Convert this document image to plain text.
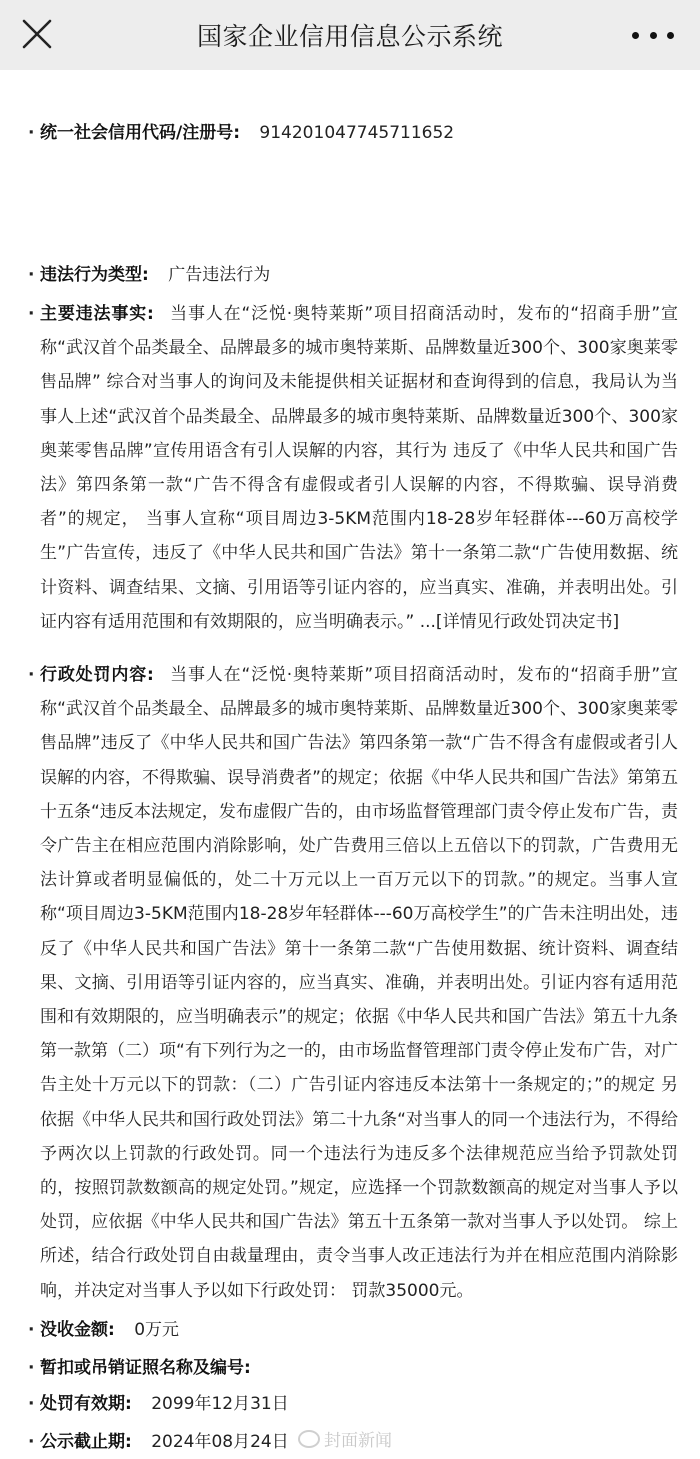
国家企业信用信息公示系统
· 统一社会信用代码/注册号: 914201047745711652
· 违法行为类型: 广告违法行为
· 主要违法事实: 当事人在“泛悦·奥特莱斯”项目招商活动时，发布的“招商手册”宣称“武汉首个品类最全、品牌最多的城市奥特莱斯、品牌数量近300个、300家奥莱零售品牌” 综合对当事人的询问及未能提供相关证据材和查询得到的信息，我局认为当事人上述“武汉首个品类最全、品牌最多的城市奥特莱斯、品牌数量近300个、300家奥莱零售品牌”宣传用语含有引人误解的内容，其行为 违反了《中华人民共和国广告法》第四条第一款“广告不得含有虚假或者引人误解的内容，不得欺骗、误导消费者”的规定， 当事人宣称“项目周边3-5KM范围内18-28岁年轻群体---60万高校学生”广告宣传，违反了《中华人民共和国广告法》第十一条第二款“广告使用数据、统计资料、调查结果、文摘、引用语等引证内容的，应当真实、准确，并表明出处。引证内容有适用范围和有效期限的，应当明确表示。” ...[详情见行政处罚决定书]
· 行政处罚内容: 当事人在“泛悦·奥特莱斯”项目招商活动时，发布的“招商手册”宣称“武汉首个品类最全、品牌最多的城市奥特莱斯、品牌数量近300个、300家奥莱零售品牌”违反了《中华人民共和国广告法》第四条第一款“广告不得含有虚假或者引人误解的内容，不得欺骗、误导消费者”的规定；依据《中华人民共和国广告法》第第五十五条“违反本法规定，发布虚假广告的，由市场监督管理部门责令停止发布广告，责令广告主在相应范围内消除影响，处广告费用三倍以上五倍以下的罚款，广告费用无法计算或者明显偏低的，处二十万元以上一百万元以下的罚款。”的规定。当事人宣称“项目周边3-5KM范围内18-28岁年轻群体---60万高校学生”的广告未注明出处，违反了《中华人民共和国广告法》第十一条第二款“广告使用数据、统计资料、调查结果、文摘、引用语等引证内容的，应当真实、准确，并表明出处。引证内容有适用范围和有效期限的，应当明确表示”的规定；依据《中华人民共和国广告法》第五十九条第一款第（二）项“有下列行为之一的，由市场监督管理部门责令停止发布广告，对广告主处十万元以下的罚款：（二）广告引证内容违反本法第十一条规定的；”的规定 另依据《中华人民共和国行政处罚法》第二十九条“对当事人的同一个违法行为，不得给予两次以上罚款的行政处罚。同一个违法行为违反多个法律规范应当给予罚款处罚的，按照罚款数额高的规定处罚。”规定，应选择一个罚款数额高的规定对当事人予以处罚，应依据《中华人民共和国广告法》第五十五条第一款对当事人予以处罚。 综上所述，结合行政处罚自由裁量理由，责令当事人改正违法行为并在相应范围内消除影响，并决定对当事人予以如下行政处罚： 罚款35000元。
· 没收金额: 0万元
· 暂扣或吊销证照名称及编号:
· 处罚有效期: 2099年12月31日
· 公示截止期: 2024年08月24日	封面新闻
